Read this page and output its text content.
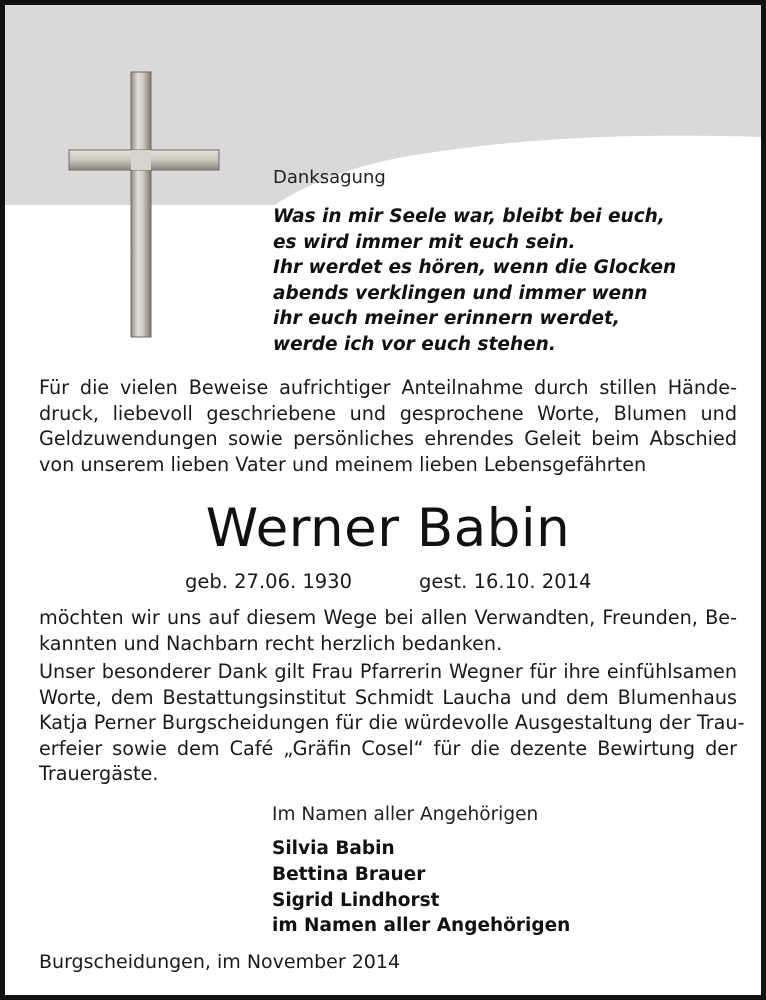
Danksagung
Was in mir Seele war, bleibt bei euch,
es wird immer mit euch sein.
Ihr werdet es hören, wenn die Glocken
abends verklingen und immer wenn
ihr euch meiner erinnern werdet,
werde ich vor euch stehen.
Für die vielen Beweise aufrichtiger Anteilnahme durch stillen Hände-
druck, liebevoll geschriebene und gesprochene Worte, Blumen und
Geldzuwendungen sowie persönliches ehrendes Geleit beim Abschied
von unserem lieben Vater und meinem lieben Lebensgefährten
Werner Babin
geb. 27.06. 1930	gest. 16.10. 2014
möchten wir uns auf diesem Wege bei allen Verwandten, Freunden, Be-
kannten und Nachbarn recht herzlich bedanken.
Unser besonderer Dank gilt Frau Pfarrerin Wegner für ihre einfühlsamen
Worte, dem Bestattungsinstitut Schmidt Laucha und dem Blumenhaus
Katja Perner Burgscheidungen für die würdevolle Ausgestaltung der Trau-
erfeier sowie dem Café „Gräfin Cosel“ für die dezente Bewirtung der
Trauergäste.
Im Namen aller Angehörigen
Silvia Babin
Bettina Brauer
Sigrid Lindhorst
im Namen aller Angehörigen
Burgscheidungen, im November 2014
